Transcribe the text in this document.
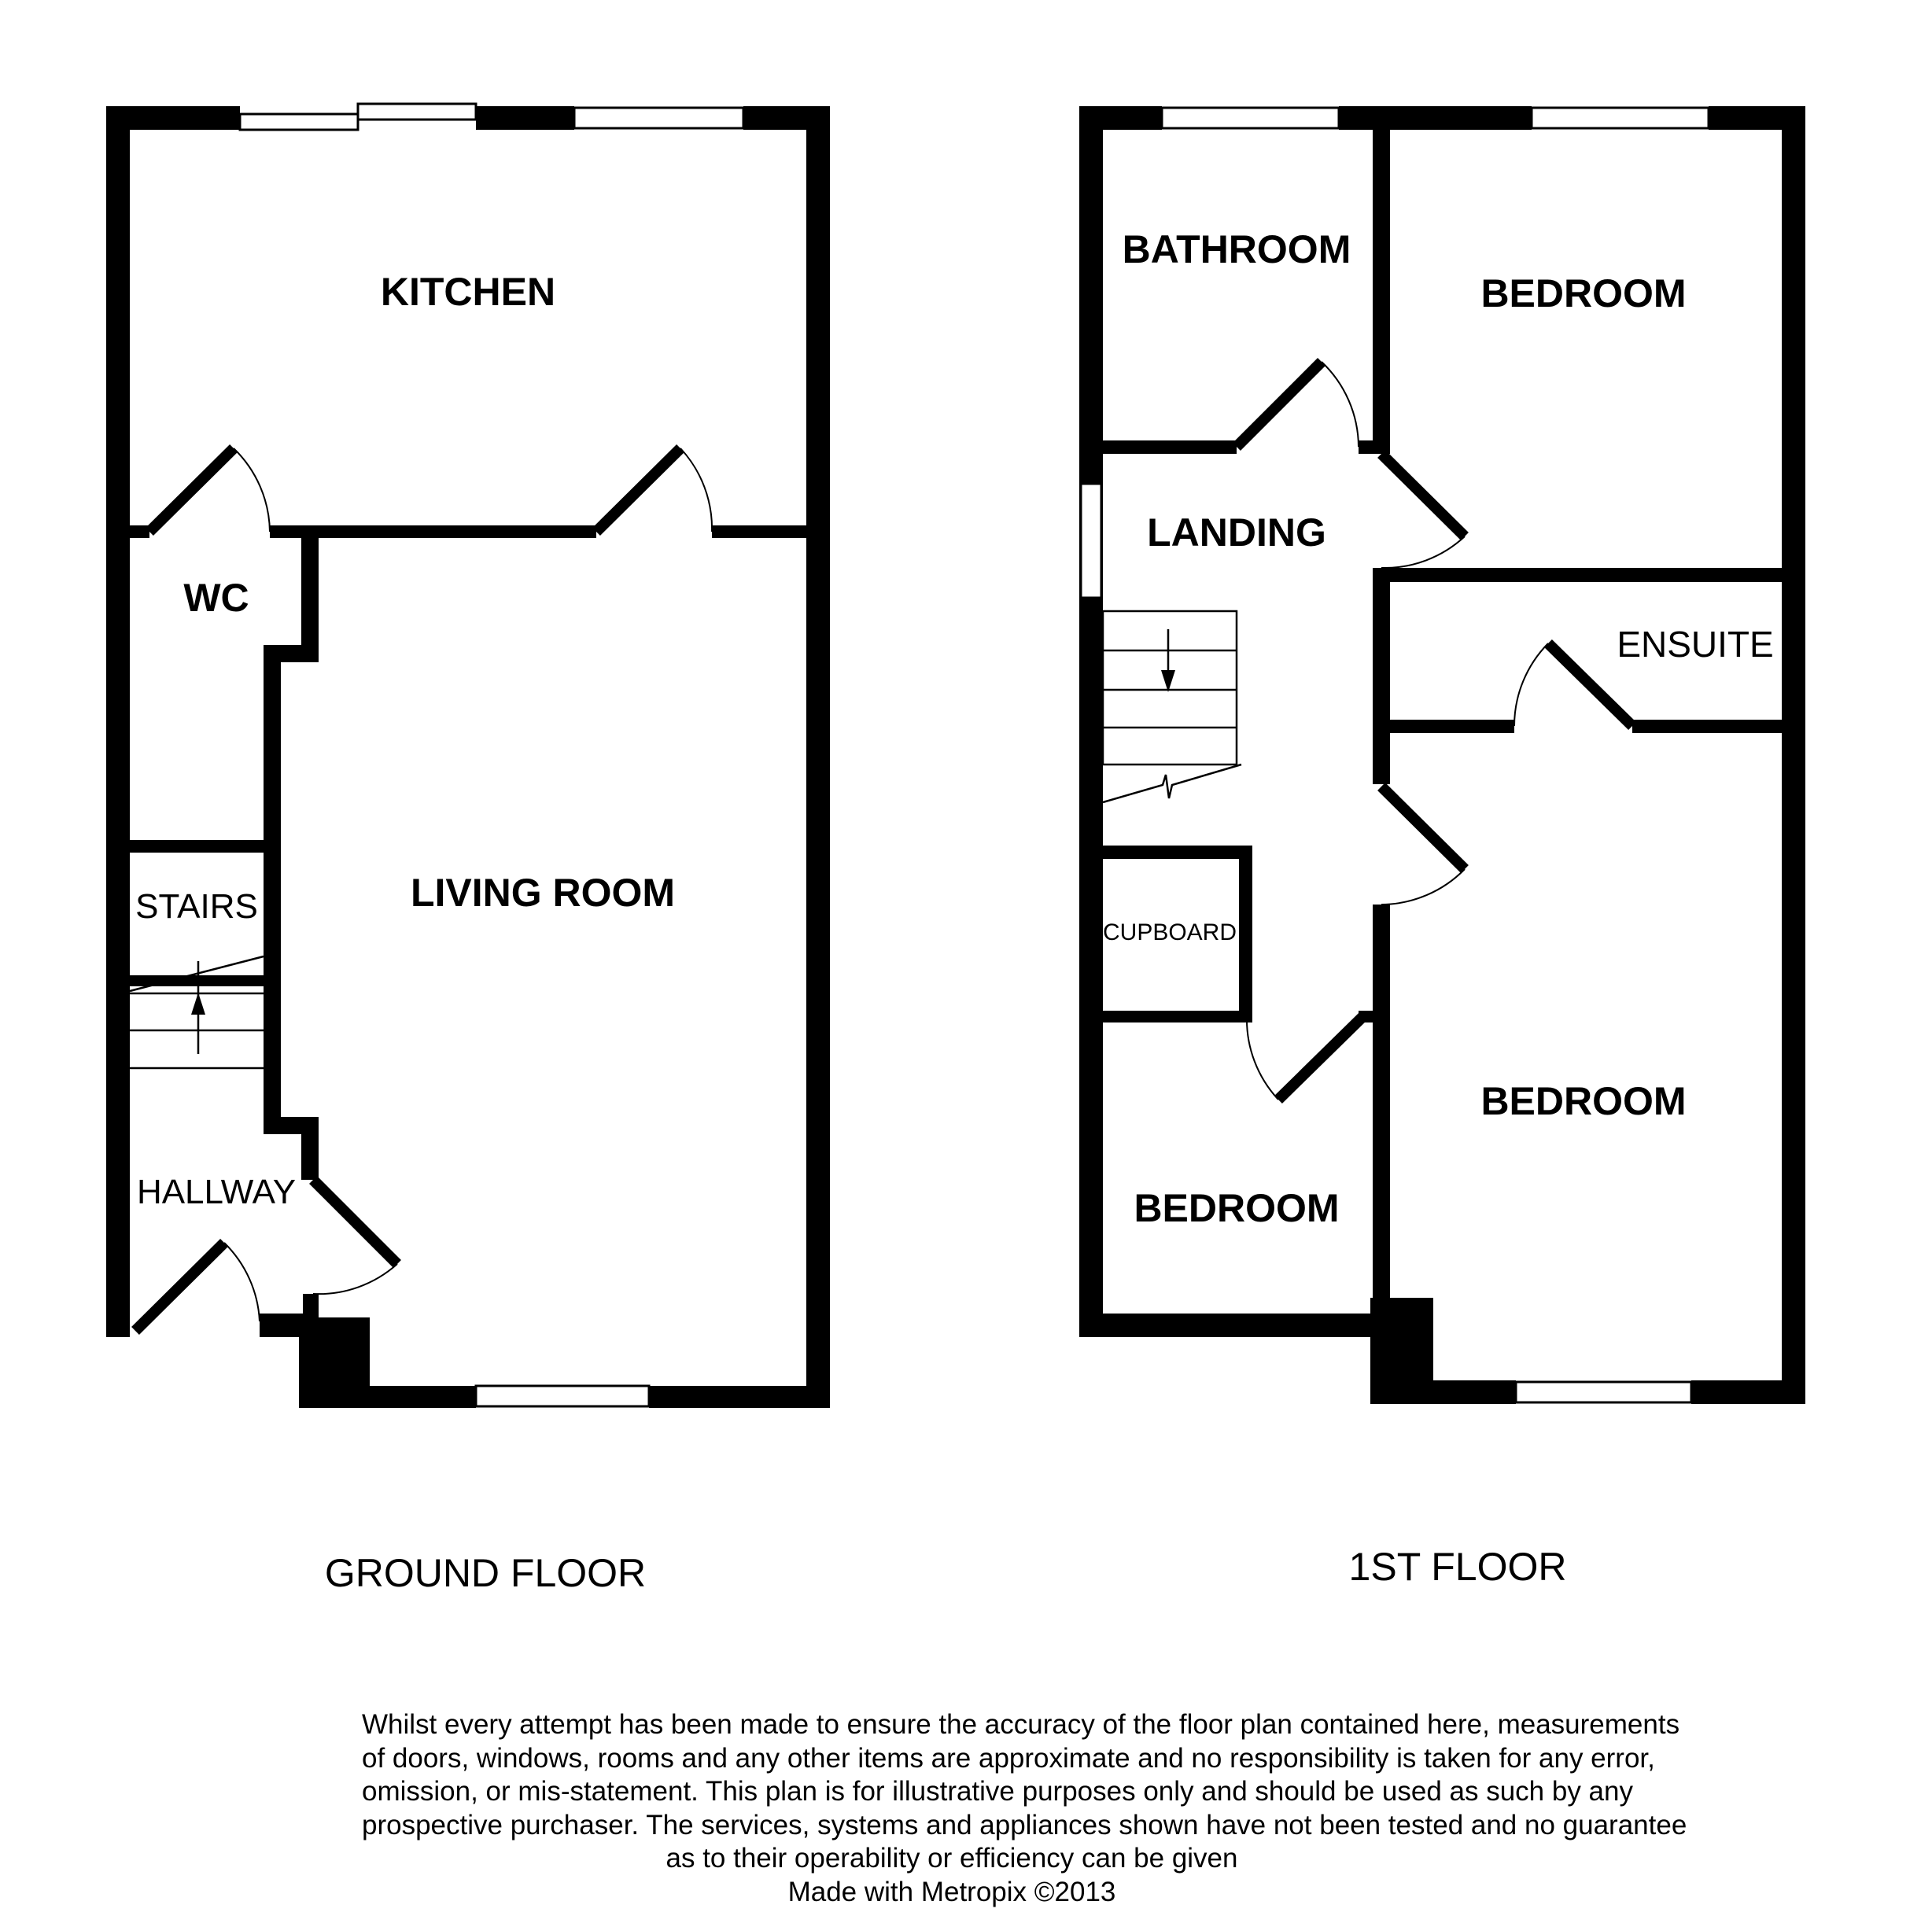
KITCHEN
WC
STAIRS	LIVING ROOM
HALLWAY
GROUND FLOOR
BATHROOM
BEDROOM
LANDING
ENSUITE
CUPBOARD
BEDROOM
BEDROOM
1ST FLOOR
Whilst every attempt has been made to ensure the accuracy of the floor plan contained here, measurements
of doors, windows, rooms and any other items are approximate and no responsibility is taken for any error,
omission, or mis-statement. This plan is for illustrative purposes only and should be used as such by any
prospective purchaser. The services, systems and appliances shown have not been tested and no guarantee
as to their operability or efficiency can be given
Made with Metropix ©2013
